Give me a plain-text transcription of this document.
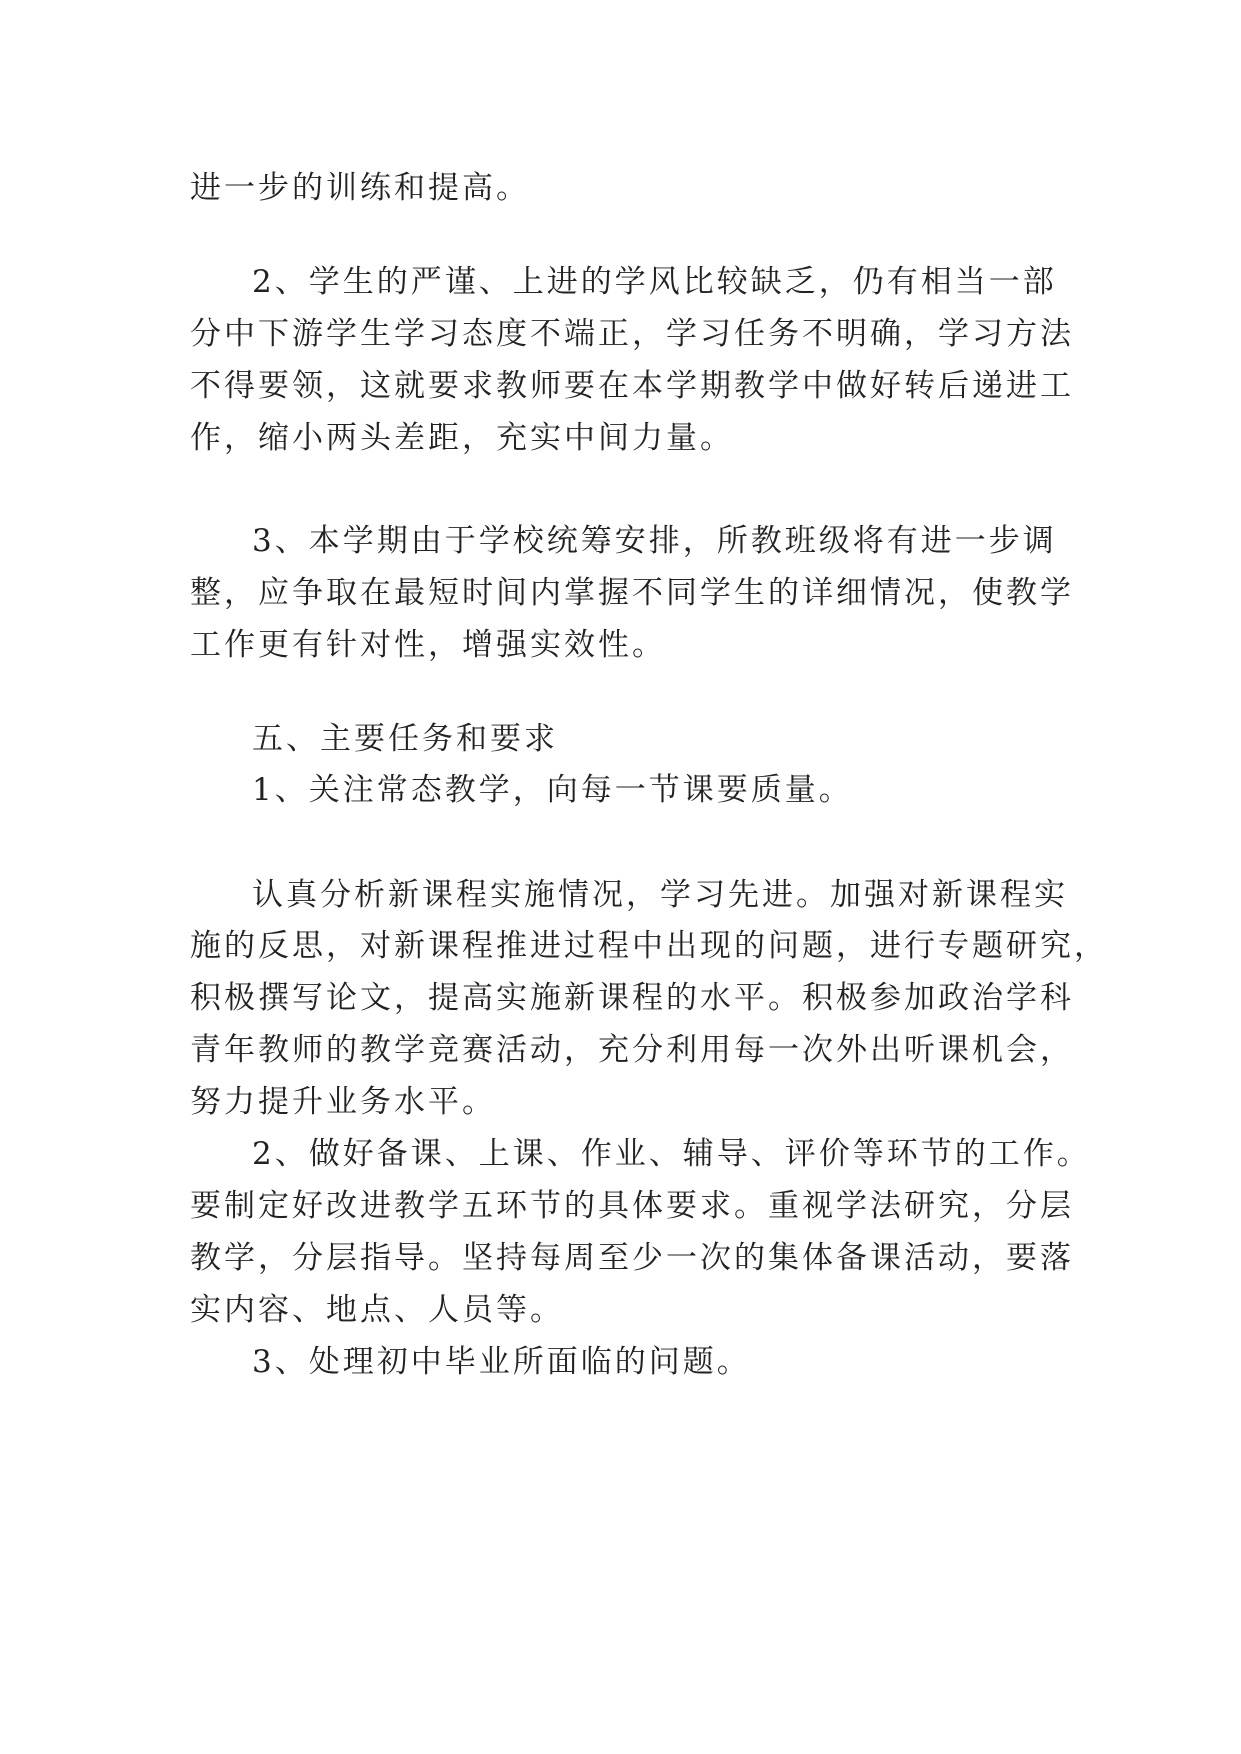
进一步的训练和提高。

2、学生的严谨、上进的学风比较缺乏，仍有相当一部

分中下游学生学习态度不端正，学习任务不明确，学习方法

不得要领，这就要求教师要在本学期教学中做好转后递进工

作，缩小两头差距，充实中间力量。

3、本学期由于学校统筹安排，所教班级将有进一步调

整，应争取在最短时间内掌握不同学生的详细情况，使教学

工作更有针对性，增强实效性。

五、主要任务和要求

1、关注常态教学，向每一节课要质量。

认真分析新课程实施情况，学习先进。加强对新课程实

施的反思，对新课程推进过程中出现的问题，进行专题研究，

积极撰写论文，提高实施新课程的水平。积极参加政治学科

青年教师的教学竞赛活动，充分利用每一次外出听课机会，

努力提升业务水平。

2、做好备课、上课、作业、辅导、评价等环节的工作。

要制定好改进教学五环节的具体要求。重视学法研究，分层

教学，分层指导。坚持每周至少一次的集体备课活动，要落

实内容、地点、人员等。

3、处理初中毕业所面临的问题。
